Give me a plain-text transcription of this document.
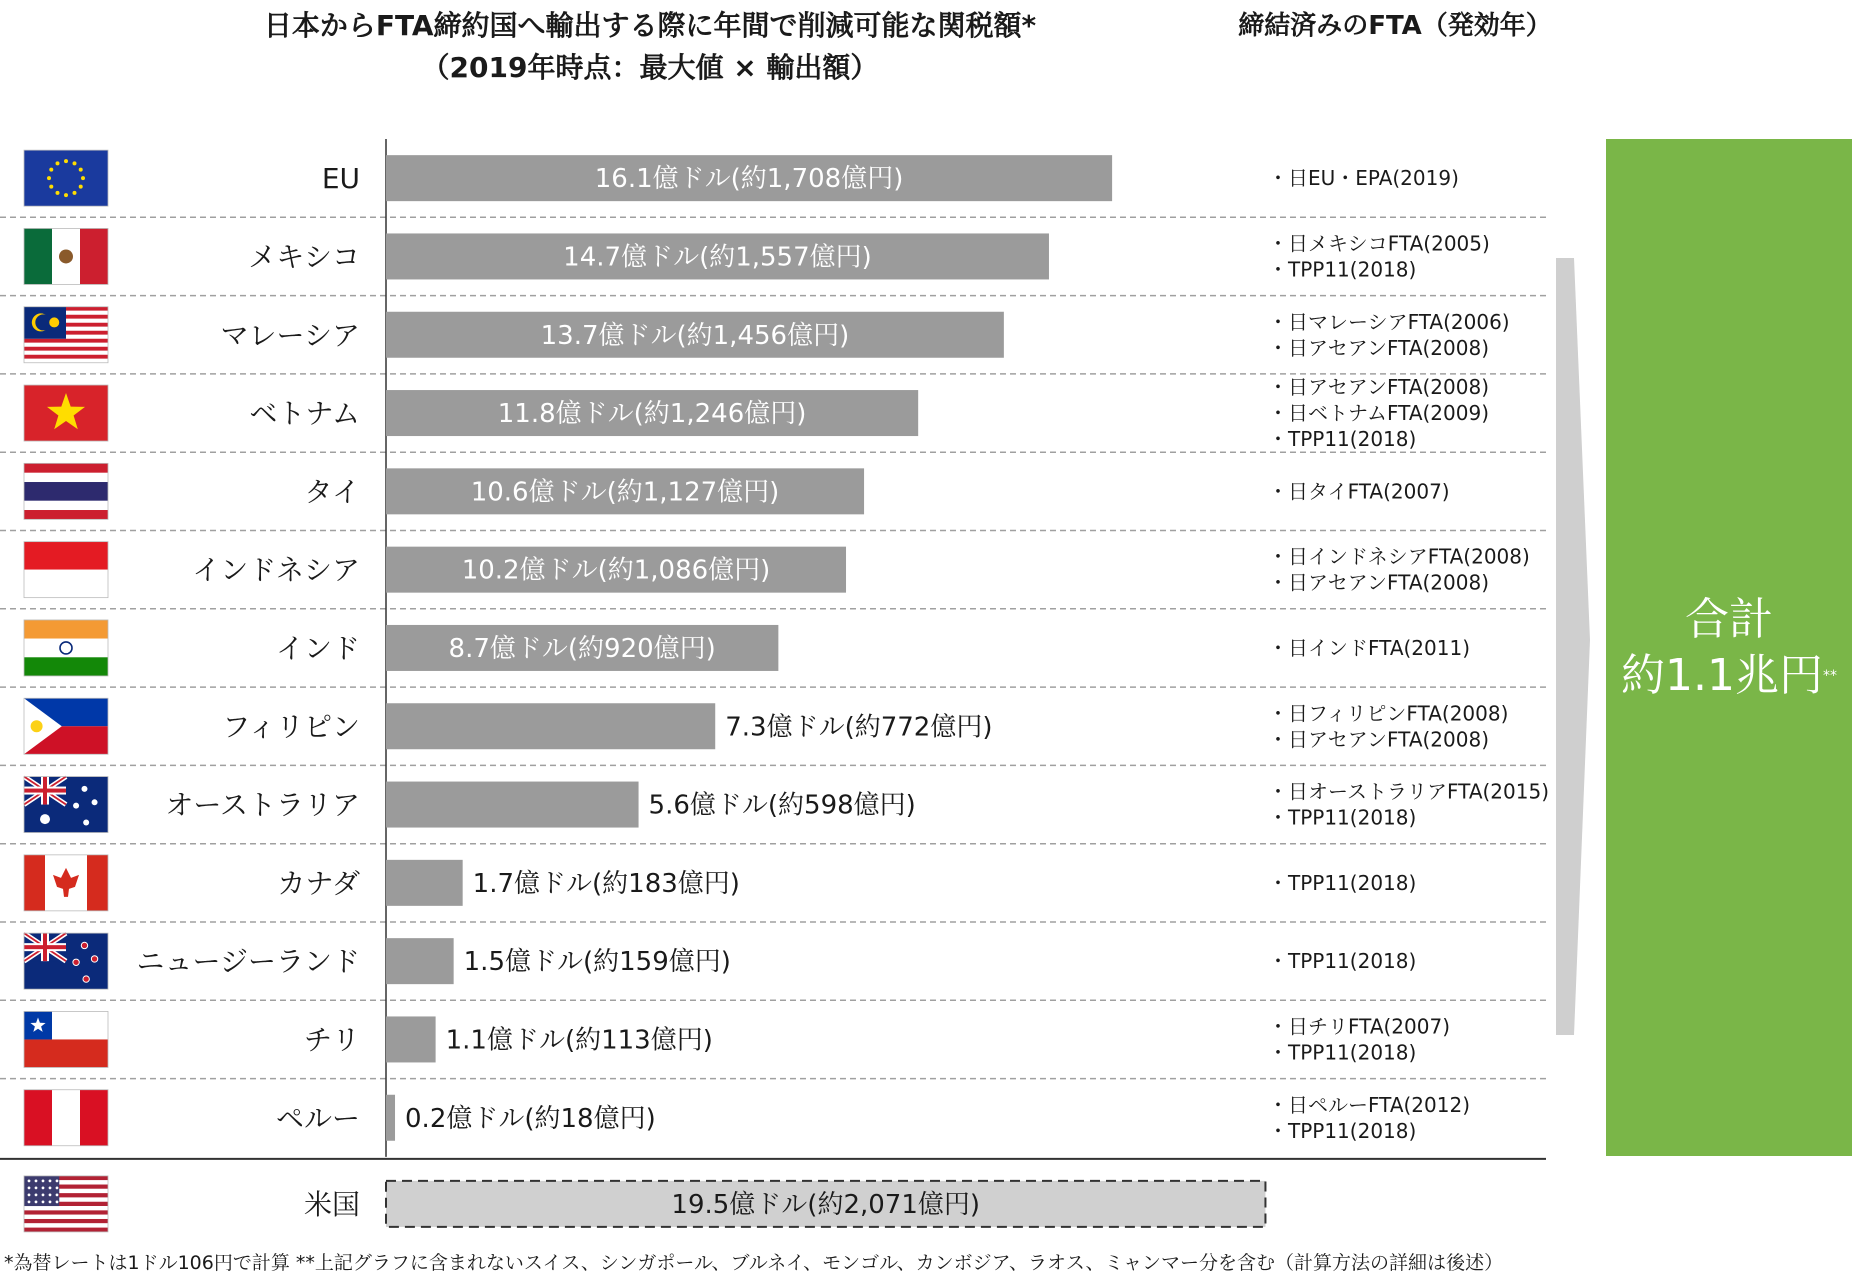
日本からFTA締約国へ輸出する際に年間で削減可能な関税額*
（2019年時点：最大値 × 輸出額）
締結済みのFTA（発効年）
16.1億ドル(約1,708億円)
14.7億ドル(約1,557億円)
13.7億ドル(約1,456億円)
11.8億ドル(約1,246億円)
10.6億ドル(約1,127億円)
10.2億ドル(約1,086億円)
8.7億ドル(約920億円)
7.3億ドル(約772億円)
5.6億ドル(約598億円)
1.7億ドル(約183億円)
1.5億ドル(約159億円)
1.1億ドル(約113億円)
0.2億ドル(約18億円)
19.5億ドル(約2,071億円)
EU
メキシコ
マレーシア
ベトナム
タイ
インドネシア
インド
フィリピン
オーストラリア
カナダ
ニュージーランド
チリ
ペルー
米国
・日EU・EPA(2019)
・日メキシコFTA(2005)
・TPP11(2018)
・日マレーシアFTA(2006)
・日アセアンFTA(2008)
・日アセアンFTA(2008)
・日ベトナムFTA(2009)
・TPP11(2018)
・日タイFTA(2007)
・日インドネシアFTA(2008)
・日アセアンFTA(2008)
・日インドFTA(2011)
・日フィリピンFTA(2008)
・日アセアンFTA(2008)
・日オーストラリアFTA(2015)
・TPP11(2018)
・TPP11(2018)
・TPP11(2018)
・日チリFTA(2007)
・TPP11(2018)
・日ペルーFTA(2012)
・TPP11(2018)
合計
約1.1兆円**
*為替レートは1ドル106円で計算 **上記グラフに含まれないスイス、シンガポール、ブルネイ、モンゴル、カンボジア、ラオス、ミャンマー分を含む（計算方法の詳細は後述）
